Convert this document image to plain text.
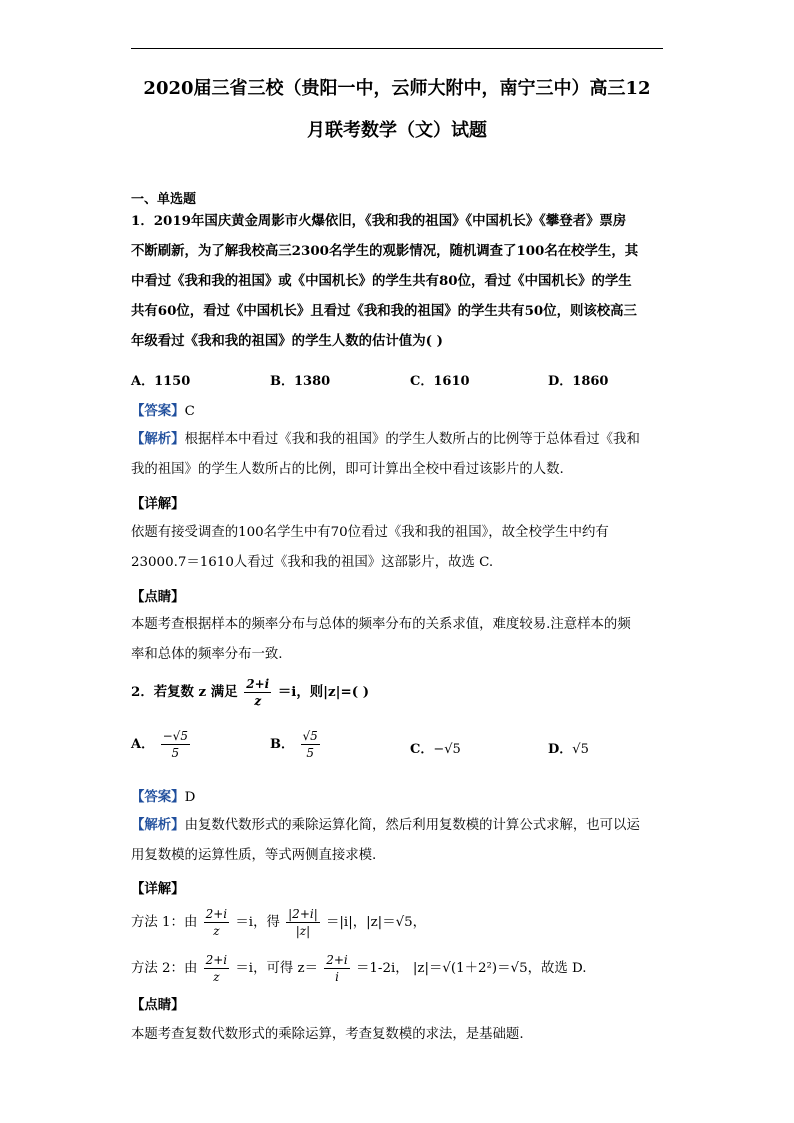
2020届三省三校（贵阳一中，云师大附中，南宁三中）高三12
月联考数学（文）试题
一、单选题
1．2019年国庆黄金周影市火爆依旧，《我和我的祖国》《中国机长》《攀登者》票房
不断刷新，为了解我校高三2300名学生的观影情况，随机调查了100名在校学生，其
中看过《我和我的祖国》或《中国机长》的学生共有80位，看过《中国机长》的学生
共有60位，看过《中国机长》且看过《我和我的祖国》的学生共有50位，则该校高三
年级看过《我和我的祖国》的学生人数的估计值为( )
A．1150	B．1380	C．1610	D．1860
【答案】C
【解析】根据样本中看过《我和我的祖国》的学生人数所占的比例等于总体看过《我和
我的祖国》的学生人数所占的比例，即可计算出全校中看过该影片的人数.
【详解】
依题有接受调查的100名学生中有70位看过《我和我的祖国》，故全校学生中约有
23000.7＝1610人看过《我和我的祖国》这部影片，故选 C.
【点睛】
本题考查根据样本的频率分布与总体的频率分布的关系求值，难度较易.注意样本的频
率和总体的频率分布一致.
2．若复数 z 满足 $\frac{2+i}{z} =i$，则|z|=( )
A． $\frac{-√5}{5}$	B． $\frac{√5}{5}$	C．−√5	D．√5
【答案】D
【解析】由复数代数形式的乘除运算化简，然后利用复数模的计算公式求解，也可以运
用复数模的运算性质，等式两侧直接求模.
【详解】
方法 1：由 $\frac{2+i}{z} =i$，得 $\frac{|2+i|}{|z|} =|i|$，|z|＝√5，
方法 2：由 $\frac{2+i}{z} =i$，可得 $z= \frac{2+i}{i} =1-2i$， |z|＝√(1＋2²)＝√5，故选 D.
【点睛】
本题考查复数代数形式的乘除运算，考查复数模的求法，是基础题.
